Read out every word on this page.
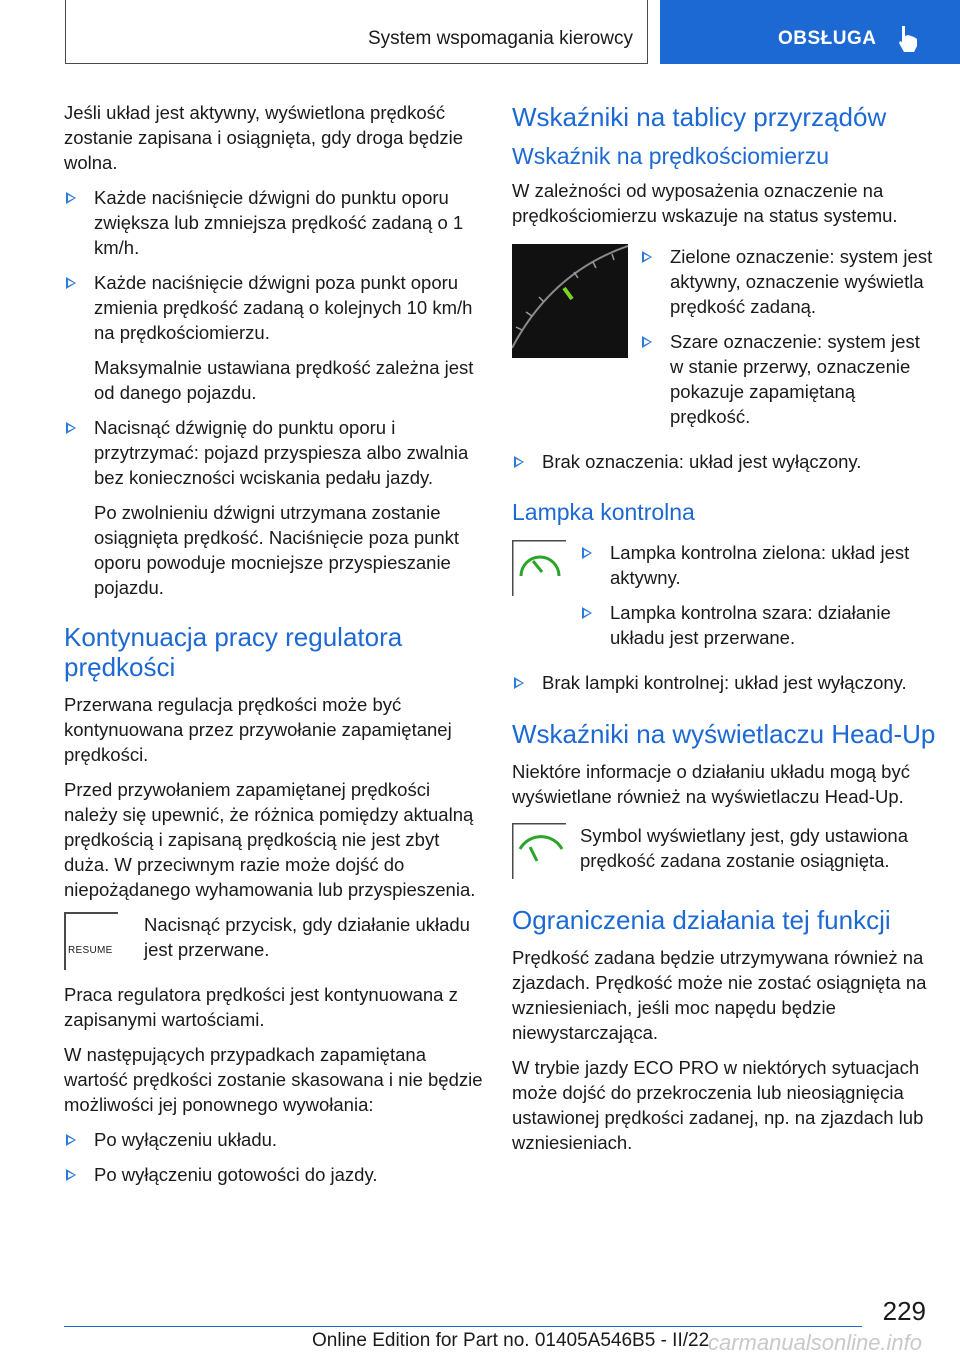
System wspomagania kierowcy	OBSŁUGA

Jeśli układ jest aktywny, wyświetlona prędkość zostanie zapisana i osiągnięta, gdy droga będzie wolna.

Każde naciśnięcie dźwigni do punktu oporu zwiększa lub zmniejsza prędkość zadaną o 1 km/h.
Każde naciśnięcie dźwigni poza punkt oporu zmienia prędkość zadaną o kolejnych 10 km/h na prędkościomierzu.

Maksymalnie ustawiana prędkość zależna jest od danego pojazdu.

Nacisnąć dźwignię do punktu oporu i przytrzymać: pojazd przyspiesza albo zwalnia bez konieczności wciskania pedału jazdy.

Po zwolnieniu dźwigni utrzymana zostanie osiągnięta prędkość. Naciśnięcie poza punkt oporu powoduje mocniejsze przyspieszanie pojazdu.

Kontynuacja pracy regulatora prędkości

Przerwana regulacja prędkości może być kontynuowana przez przywołanie zapamiętanej prędkości.

Przed przywołaniem zapamiętanej prędkości należy się upewnić, że różnica pomiędzy aktualną prędkością i zapisaną prędkością nie jest zbyt duża. W przeciwnym razie może dojść do niepożądanego wyhamowania lub przyspieszenia.

RESUME
Nacisnąć przycisk, gdy działanie układu jest przerwane.

Praca regulatora prędkości jest kontynuowana z zapisanymi wartościami.

W następujących przypadkach zapamiętana wartość prędkości zostanie skasowana i nie będzie możliwości jej ponownego wywołania:

Po wyłączeniu układu.
Po wyłączeniu gotowości do jazdy.
Wskaźniki na tablicy przyrządów
Wskaźnik na prędkościomierzu

W zależności od wyposażenia oznaczenie na prędkościomierzu wskazuje na status systemu.

Zielone oznaczenie: system jest aktywny, oznaczenie wyświetla prędkość zadaną.
Szare oznaczenie: system jest w stanie przerwy, oznaczenie pokazuje zapamiętaną prędkość.
Brak oznaczenia: układ jest wyłączony.
Lampka kontrolna
Lampka kontrolna zielona: układ jest aktywny.
Lampka kontrolna szara: działanie układu jest przerwane.
Brak lampki kontrolnej: układ jest wyłączony.
Wskaźniki na wyświetlaczu Head-Up

Niektóre informacje o działaniu układu mogą być wyświetlane również na wyświetlaczu Head-Up.

Symbol wyświetlany jest, gdy ustawiona prędkość zadana zostanie osiągnięta.
Ograniczenia działania tej funkcji

Prędkość zadana będzie utrzymywana również na zjazdach. Prędkość może nie zostać osiągnięta na wzniesieniach, jeśli moc napędu będzie niewystarczająca.

W trybie jazdy ECO PRO w niektórych sytuacjach może dojść do przekroczenia lub nieosiągnięcia ustawionej prędkości zadanej, np. na zjazdach lub wzniesieniach.

229
Online Edition for Part no. 01405A546B5 - II/22
carmanualsonline.info
